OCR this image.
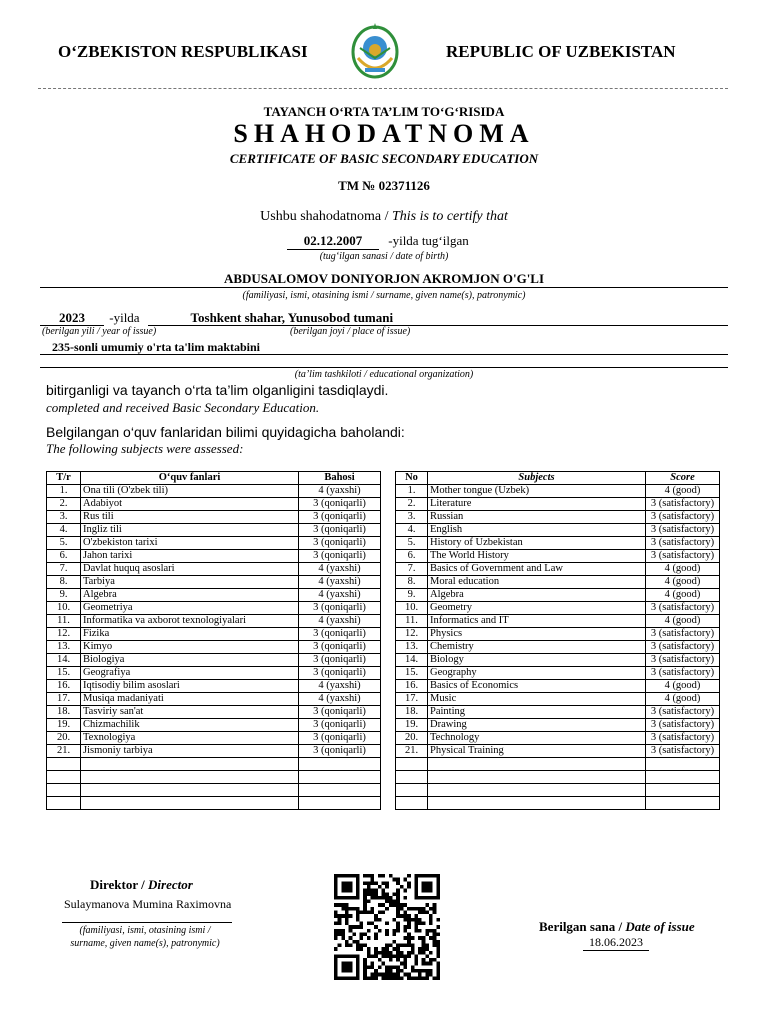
O‘ZBEKISTON RESPUBLIKASI	REPUBLIC OF UZBEKISTAN
TAYANCH O‘RTA TA’LIM TO‘G‘RISIDA
SHAHODATNOMA
CERTIFICATE OF BASIC SECONDARY EDUCATION
TM № 02371126
Ushbu shahodatnoma / This is to certify that
02.12.2007 -yilda tug‘ilgan
(tug‘ilgan sanasi / date of birth)
ABDUSALOMOV DONIYORJON AKROMJON O'G'LI
(familiyasi, ismi, otasining ismi / surname, given name(s), patronymic)
2023 -yilda	Toshkent shahar, Yunusobod tumani
(berilgan yili / year of issue)	(berilgan joyi / place of issue)
235-sonli umumiy o'rta ta'lim maktabini
(ta’lim tashkiloti / educational organization)
bitirganligi va tayanch o‘rta ta’lim olganligini tasdiqlaydi.
completed and received Basic Secondary Education.
Belgilangan o‘quv fanlaridan bilimi quyidagicha baholandi:
The following subjects were assessed:
T/r	O‘quv fanlari	Bahosi
1.	Ona tili (O'zbek tili)	4 (yaxshi)
2.	Adabiyot	3 (qoniqarli)
3.	Rus tili	3 (qoniqarli)
4.	Ingliz tili	3 (qoniqarli)
5.	O'zbekiston tarixi	3 (qoniqarli)
6.	Jahon tarixi	3 (qoniqarli)
7.	Davlat huquq asoslari	4 (yaxshi)
8.	Tarbiya	4 (yaxshi)
9.	Algebra	4 (yaxshi)
10.	Geometriya	3 (qoniqarli)
11.	Informatika va axborot texnologiyalari	4 (yaxshi)
12.	Fizika	3 (qoniqarli)
13.	Kimyo	3 (qoniqarli)
14.	Biologiya	3 (qoniqarli)
15.	Geografiya	3 (qoniqarli)
16.	Iqtisodiy bilim asoslari	4 (yaxshi)
17.	Musiqa madaniyati	4 (yaxshi)
18.	Tasviriy san'at	3 (qoniqarli)
19.	Chizmachilik	3 (qoniqarli)
20.	Texnologiya	3 (qoniqarli)
21.	Jismoniy tarbiya	3 (qoniqarli)

No	Subjects	Score
1.	Mother tongue (Uzbek)	4 (good)
2.	Literature	3 (satisfactory)
3.	Russian	3 (satisfactory)
4.	English	3 (satisfactory)
5.	History of Uzbekistan	3 (satisfactory)
6.	The World History	3 (satisfactory)
7.	Basics of Government and Law	4 (good)
8.	Moral education	4 (good)
9.	Algebra	4 (good)
10.	Geometry	3 (satisfactory)
11.	Informatics and IT	4 (good)
12.	Physics	3 (satisfactory)
13.	Chemistry	3 (satisfactory)
14.	Biology	3 (satisfactory)
15.	Geography	3 (satisfactory)
16.	Basics of Economics	4 (good)
17.	Music	4 (good)
18.	Painting	3 (satisfactory)
19.	Drawing	3 (satisfactory)
20.	Technology	3 (satisfactory)
21.	Physical Training	3 (satisfactory)

Direktor / Director
Sulaymanova Mumina Raximovna
(familiyasi, ismi, otasining ismi /
surname, given name(s), patronymic)
Berilgan sana / Date of issue
18.06.2023
